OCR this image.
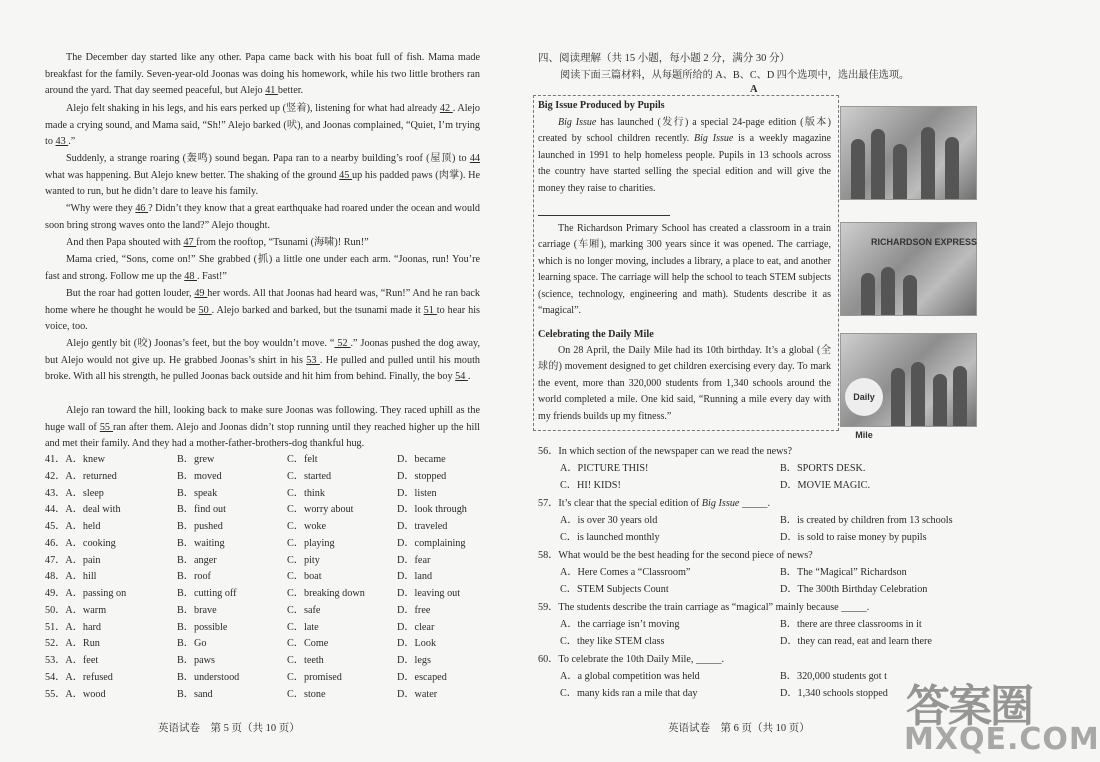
The December day started like any other. Papa came back with his boat full of fish. Mama made breakfast for the family. Seven-year-old Joonas was doing his homework, while his two little brothers ran around the yard. That day seemed peaceful, but Alejo 41 better.

Alejo felt shaking in his legs, and his ears perked up (竖着), listening for what had already 42 . Alejo made a crying sound, and Mama said, “Sh!” Alejo barked (吠), and Joonas complained, “Quiet, I’m trying to 43 .”

Suddenly, a strange roaring (轰鸣) sound began. Papa ran to a nearby building’s roof (屋顶) to 44 what was happening. But Alejo knew better. The shaking of the ground 45 up his padded paws (肉掌). He wanted to run, but he didn’t dare to leave his family.

“Why were they 46 ? Didn’t they know that a great earthquake had roared under the ocean and would soon bring strong waves onto the land?” Alejo thought.

And then Papa shouted with 47 from the rooftop, “Tsunami (海啸)! Run!”

Mama cried, “Sons, come on!” She grabbed (抓) a little one under each arm. “Joonas, run! You’re fast and strong. Follow me up the 48 . Fast!”

But the roar had gotten louder, 49 her words. All that Joonas had heard was, “Run!” And he ran back home where he thought he would be 50 . Alejo barked and barked, but the tsunami made it 51 to hear his voice, too.

Alejo gently bit (咬) Joonas’s feet, but the boy wouldn’t move. “ 52 .” Joonas pushed the dog away, but Alejo would not give up. He grabbed Joonas’s shirt in his 53 . He pulled and pulled until his mouth broke. With all his strength, he pulled Joonas back outside and hit him from behind. Finally, the boy 54 .

Alejo ran toward the hill, looking back to make sure Joonas was following. They raced uphill as the huge wall of 55 ran after them. Alejo and Joonas didn’t stop running until they reached higher up the hill and met their family. And they had a mother-father-brothers-dog thankful hug.

41．A．knew	B．grew	C．felt	D．became
42．A．returned	B．moved	C．started	D．stopped
43．A．sleep	B．speak	C．think	D．listen
44．A．deal with	B．find out	C．worry about	D．look through
45．A．held	B．pushed	C．woke	D．traveled
46．A．cooking	B．waiting	C．playing	D．complaining
47．A．pain	B．anger	C．pity	D．fear
48．A．hill	B．roof	C．boat	D．land
49．A．passing on	B．cutting off	C．breaking down	D．leaving out
50．A．warm	B．brave	C．safe	D．free
51．A．hard	B．possible	C．late	D．clear
52．A．Run	B．Go	C．Come	D．Look
53．A．feet	B．paws	C．teeth	D．legs
54．A．refused	B．understood	C．promised	D．escaped
55．A．wood	B．sand	C．stone	D．water
英语试卷　第 5 页（共 10 页）
四、阅读理解（共 15 小题，每小题 2 分，满分 30 分）
阅读下面三篇材料，从每题所给的 A、B、C、D 四个选项中，选出最佳选项。
A
Big Issue Produced by Pupils

Big Issue has launched (发行) a special 24-page edition (版本) created by school children recently. Big Issue is a weekly magazine launched in 1991 to help homeless people. Pupils in 13 schools across the country have started selling the special edition and will give the money they raise to charities.

The Richardson Primary School has created a classroom in a train carriage (车厢), marking 300 years since it was opened. The carriage, which is no longer moving, includes a library, a place to eat, and another learning space. The carriage will help the school to teach STEM subjects (science, technology, engineering and math). Students describe it as “magical”.

Celebrating the Daily Mile

On 28 April, the Daily Mile had its 10th birthday. It’s a global (全球的) movement designed to get children exercising every day. To mark the event, more than 320,000 students from 1,340 schools around the world completed a mile. One kid said, “Running a mile every day with my friends builds up my fitness.”

RICHARDSON EXPRESS
Daily Mile
56．In which section of the newspaper can we read the news?
A．PICTURE THIS!	B．SPORTS DESK.
C．HI! KIDS!	D．MOVIE MAGIC.
57．It’s clear that the special edition of Big Issue _____.
A．is over 30 years old	B．is created by children from 13 schools
C．is launched monthly	D．is sold to raise money by pupils
58．What would be the best heading for the second piece of news?
A．Here Comes a “Classroom”	B．The “Magical” Richardson
C．STEM Subjects Count	D．The 300th Birthday Celebration
59．The students describe the train carriage as “magical” mainly because _____.
A．the carriage isn’t moving	B．there are three classrooms in it
C．they like STEM class	D．they can read, eat and learn there
60．To celebrate the 10th Daily Mile, _____.
A．a global competition was held	B．320,000 students got t
C．many kids ran a mile that day	D．1,340 schools stopped
英语试卷　第 6 页（共 10 页） 答案圈
MXQE.COM
